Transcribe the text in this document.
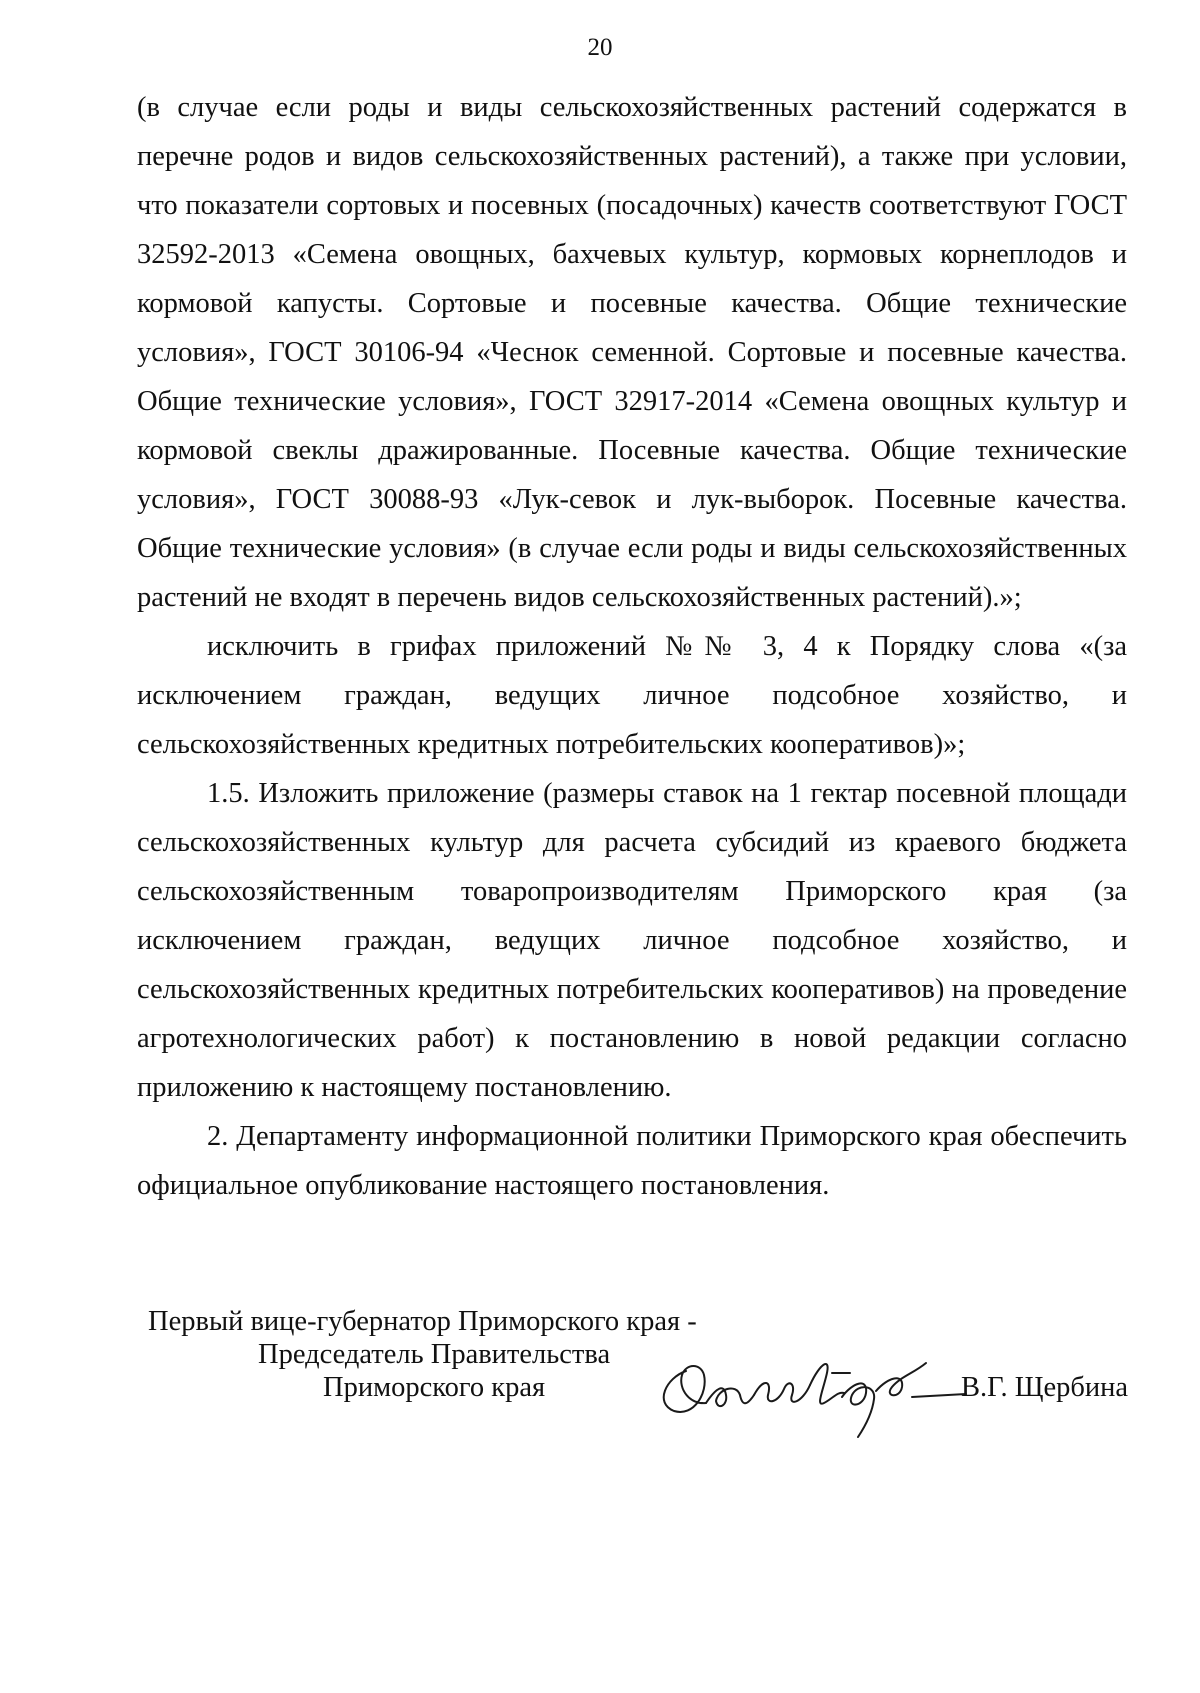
20

(в случае если роды и виды сельскохозяйственных растений содержатся в перечне родов и видов сельскохозяйственных растений), а также при условии, что показатели сортовых и посевных (посадочных) качеств соответствуют ГОСТ 32592-2013 «Семена овощных, бахчевых культур, кормовых корнеплодов и кормовой капусты. Сортовые и посевные качества. Общие технические условия», ГОСТ 30106-94 «Чеснок семенной. Сортовые и посевные качества. Общие технические условия», ГОСТ 32917-2014 «Семена овощных культур и кормовой свеклы дражированные. Посевные качества. Общие технические условия», ГОСТ 30088-93 «Лук-севок и лук-выборок. Посевные качества. Общие технические условия» (в случае если роды и виды сельскохозяйственных растений не входят в перечень видов сельскохозяйственных растений).»;

исключить в грифах приложений №№ 3, 4 к Порядку слова «(за исключением граждан, ведущих личное подсобное хозяйство, и сельскохозяйственных кредитных потребительских кооперативов)»;

1.5. Изложить приложение (размеры ставок на 1 гектар посевной площади сельскохозяйственных культур для расчета субсидий из краевого бюджета сельскохозяйственным товаропроизводителям Приморского края (за исключением граждан, ведущих личное подсобное хозяйство, и сельскохозяйственных кредитных потребительских кооперативов) на проведение агротехнологических работ) к постановлению в новой редакции согласно приложению к настоящему постановлению.

2. Департаменту информационной политики Приморского края обеспечить официальное опубликование настоящего постановления.

Первый вице-губернатор Приморского края -
Председатель Правительства
Приморского края	В.Г. Щербина
